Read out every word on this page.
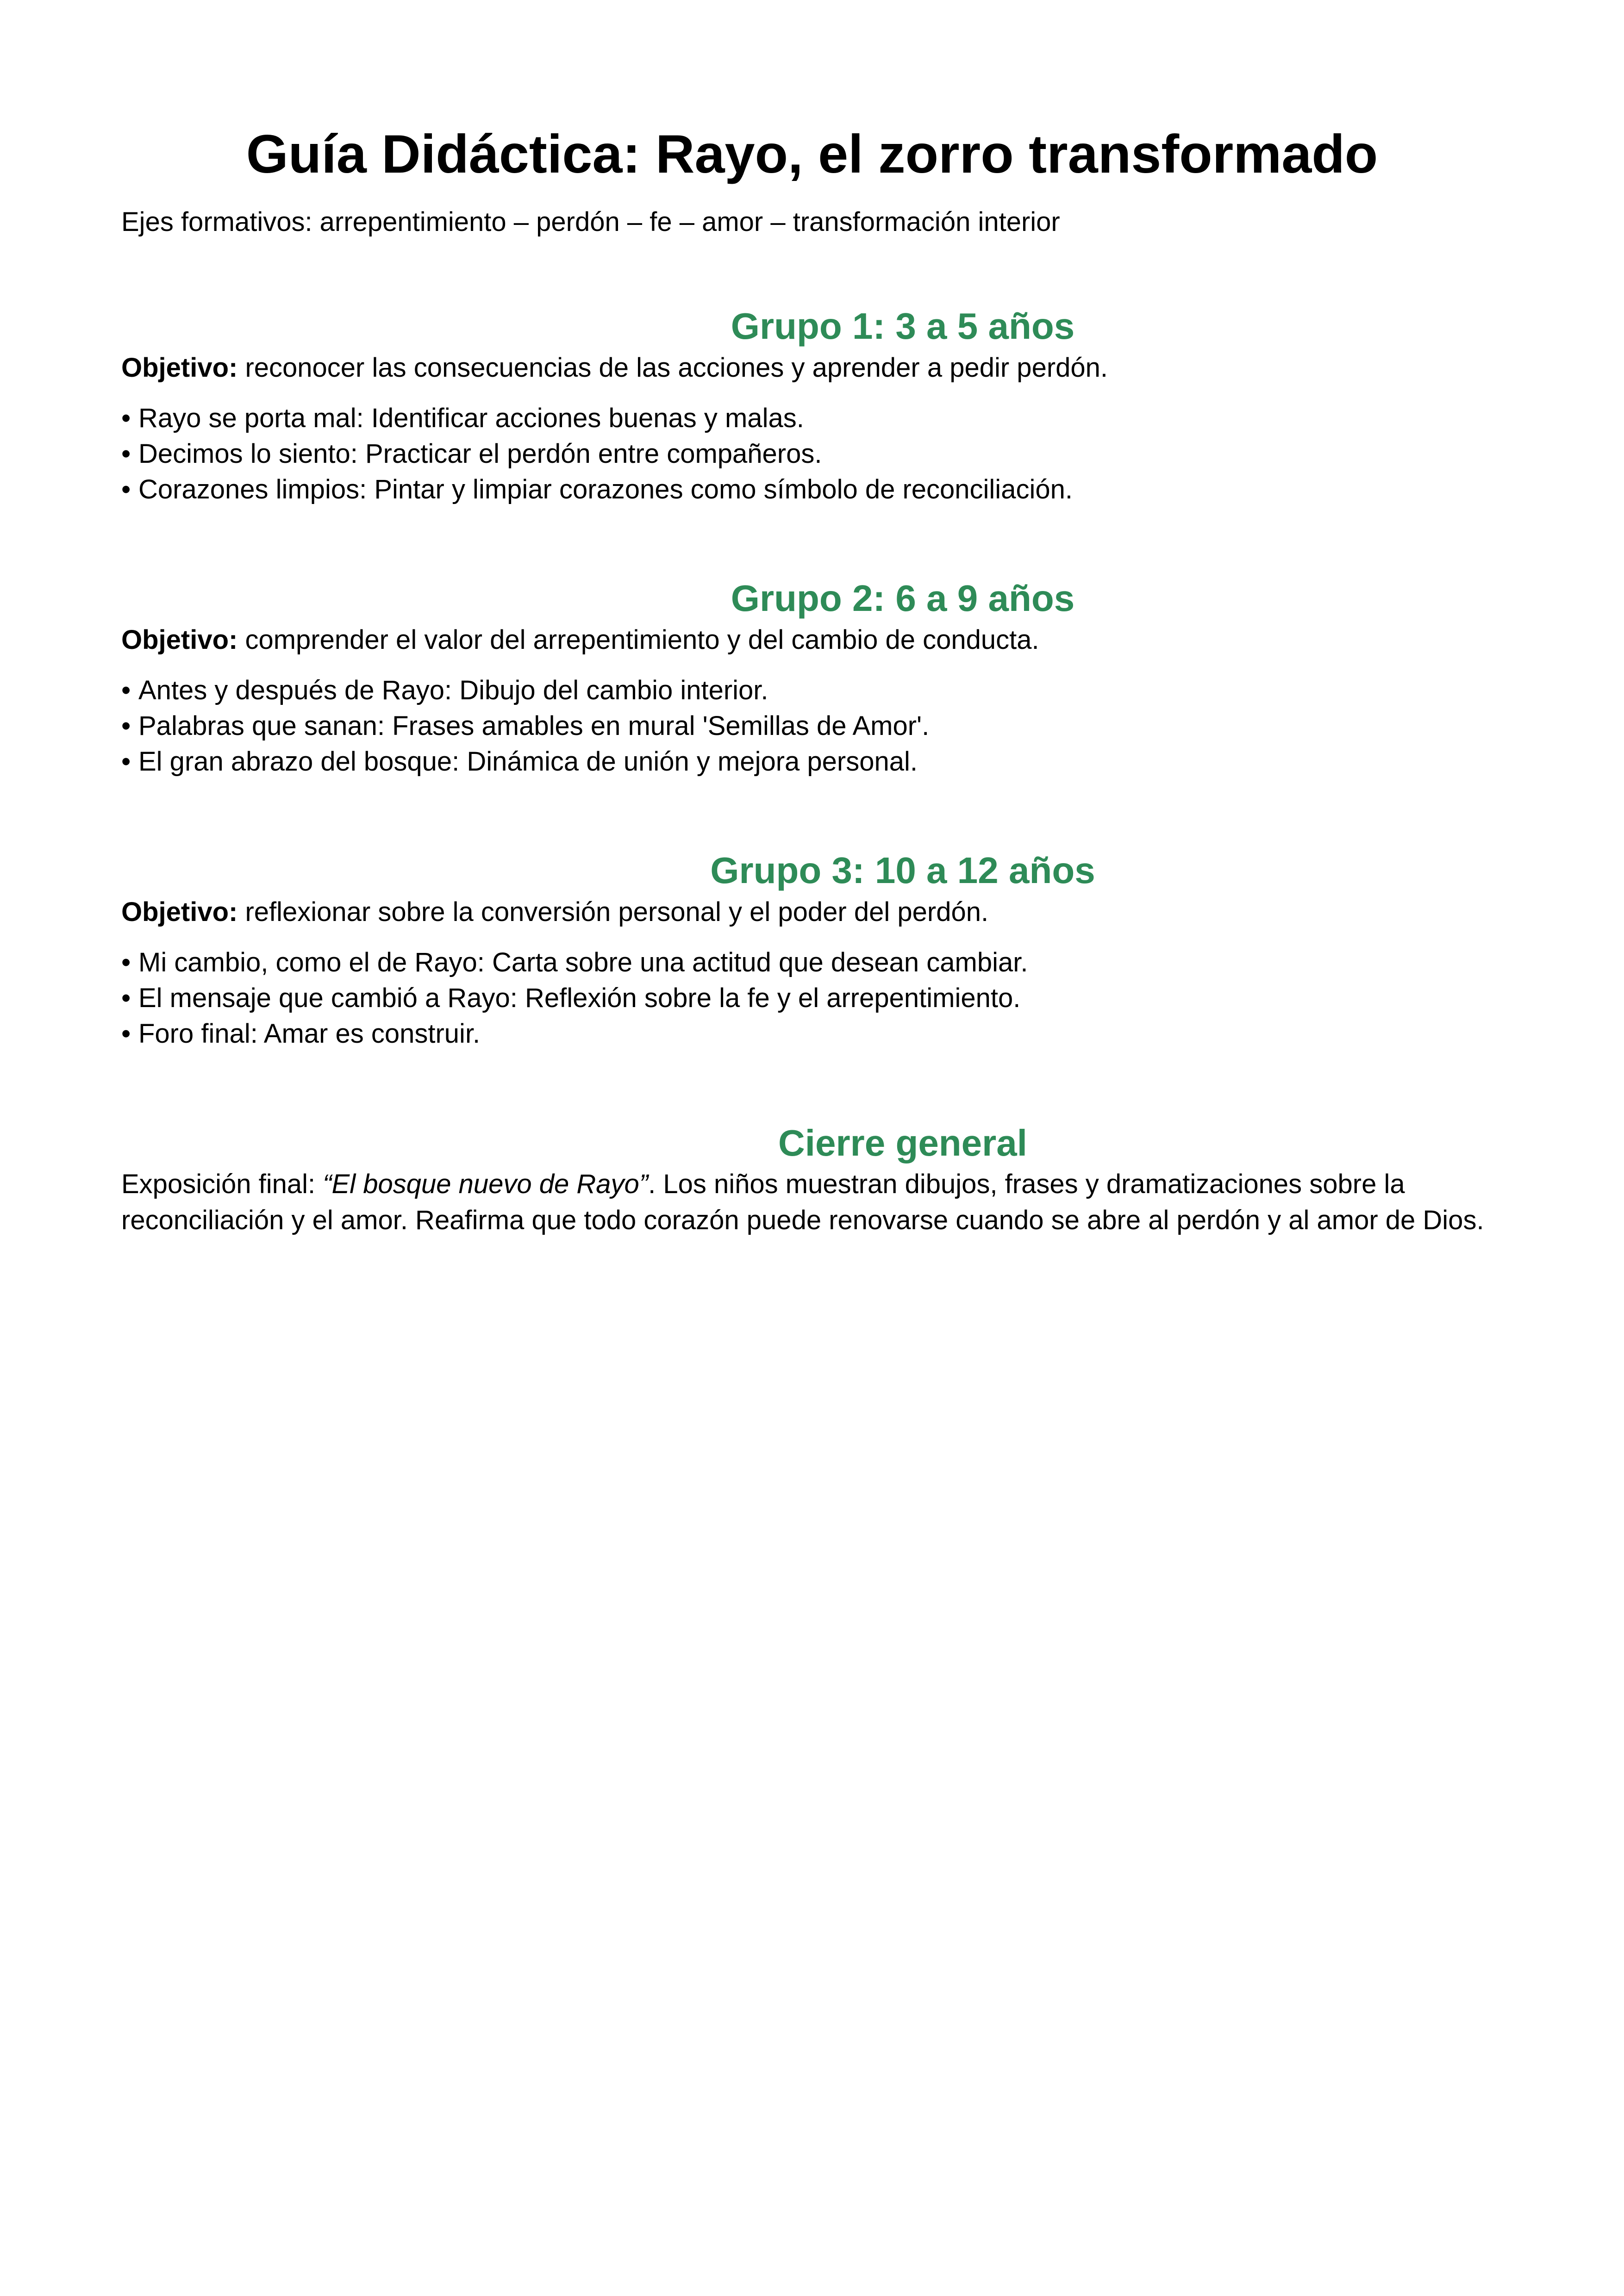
Guía Didáctica: Rayo, el zorro transformado

Ejes formativos: arrepentimiento – perdón – fe – amor – transformación interior

Grupo 1: 3 a 5 años

Objetivo: reconocer las consecuencias de las acciones y aprender a pedir perdón.

• Rayo se porta mal: Identificar acciones buenas y malas.
• Decimos lo siento: Practicar el perdón entre compañeros.
• Corazones limpios: Pintar y limpiar corazones como símbolo de reconciliación.
Grupo 2: 6 a 9 años

Objetivo: comprender el valor del arrepentimiento y del cambio de conducta.

• Antes y después de Rayo: Dibujo del cambio interior.
• Palabras que sanan: Frases amables en mural 'Semillas de Amor'.
• El gran abrazo del bosque: Dinámica de unión y mejora personal.
Grupo 3: 10 a 12 años

Objetivo: reflexionar sobre la conversión personal y el poder del perdón.

• Mi cambio, como el de Rayo: Carta sobre una actitud que desean cambiar.
• El mensaje que cambió a Rayo: Reflexión sobre la fe y el arrepentimiento.
• Foro final: Amar es construir.
Cierre general

Exposición final: “El bosque nuevo de Rayo”. Los niños muestran dibujos, frases y dramatizaciones sobre la reconciliación y el amor. Reafirma que todo corazón puede renovarse cuando se abre al perdón y al amor de Dios.
